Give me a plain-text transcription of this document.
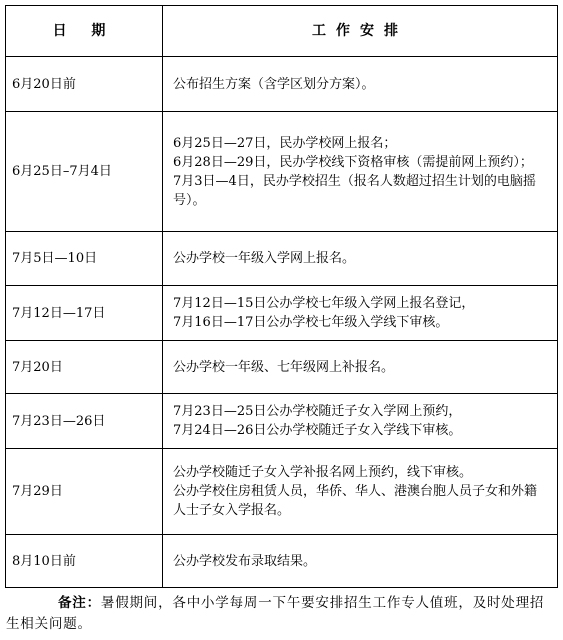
日 期	工作安排
6月20日前	公布招生方案（含学区划分方案）。

6月25日–7月4日	6月25日—27日，民办学校网上报名；
6月28日—29日，民办学校线下资格审核（需提前网上预约）；
7月3日—4日，民办学校招生（报名人数超过招生计划的电脑摇号）。

7月5日—10日	公办学校一年级入学网上报名。

7月12日—17日	7月12日—15日公办学校七年级入学网上报名登记，
7月16日—17日公办学校七年级入学线下审核。

7月20日	公办学校一年级、七年级网上补报名。

7月23日—26日	7月23日—25日公办学校随迁子女入学网上预约，
7月24日—26日公办学校随迁子女入学线下审核。

7月29日	公办学校随迁子女入学补报名网上预约，线下审核。
公办学校住房租赁人员，华侨、华人、港澳台胞人员子女和外籍人士子女入学报名。

8月10日前	公办学校发布录取结果。
备注：暑假期间，各中小学每周一下午要安排招生工作专人值班，及时处理招生相关问题。
